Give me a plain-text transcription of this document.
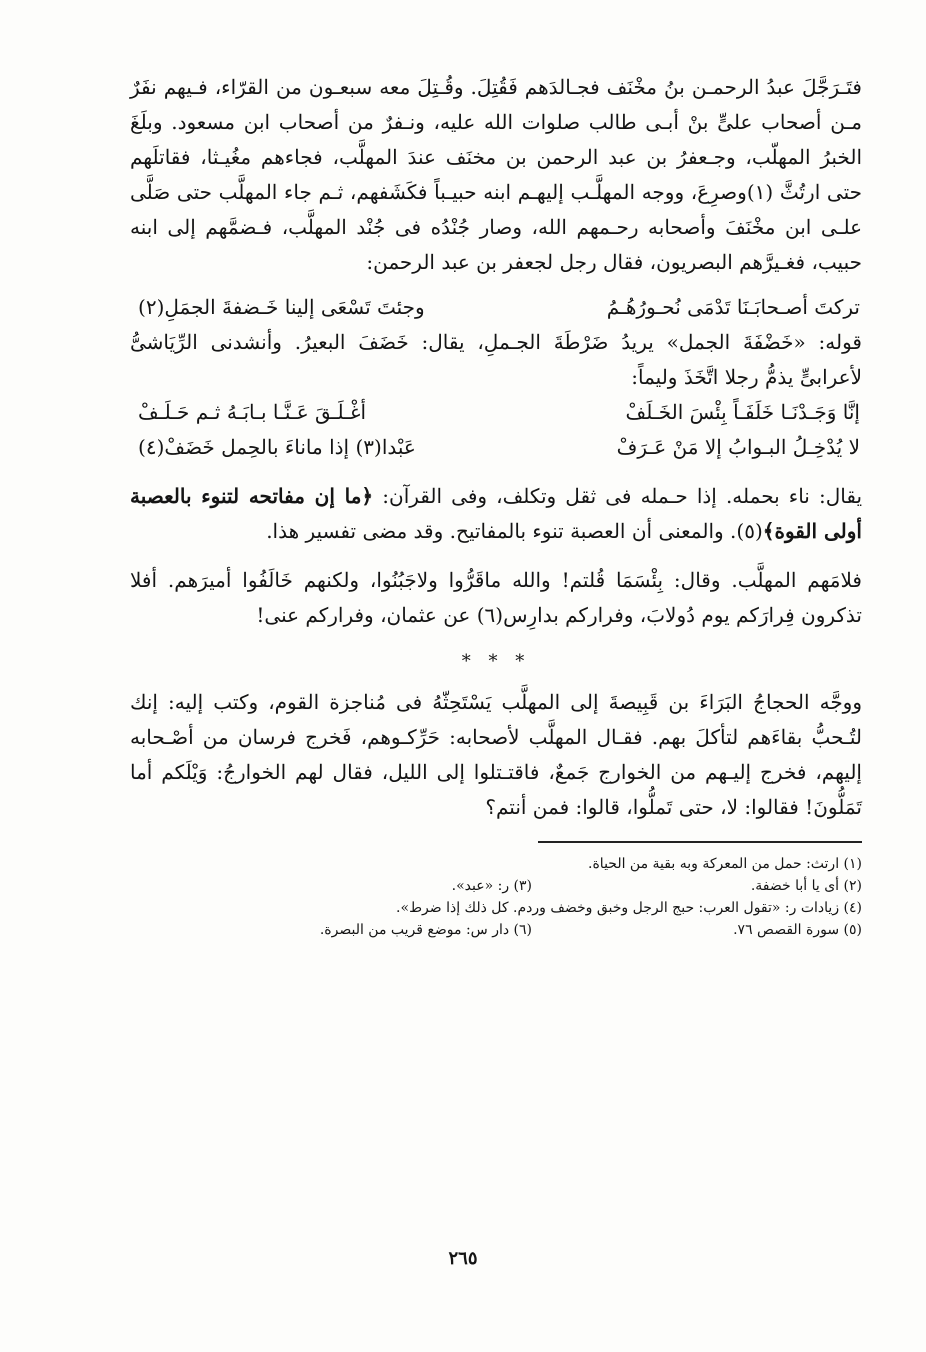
فتَـرَجَّلَ عبدُ الرحمـن بنُ مخْنَف فجـالدَهم فَقُتِلَ. وقُـتِلَ معه سبعـون من القرّاء، فـيهم نفَرٌ مـن أصحاب علىٍّ بنْ أبـى طالب صلوات الله عليه، ونـفرٌ من أصحاب ابن مسعود. وبلَغَ الخبرُ المهلّب، وجـعفرُ بن عبد الرحمن بن مخنَف عندَ المهلَّب، فجاءهم مغُيـثا، فقاتلَهم حتى ارتُثَّ (١)وصرِعَ، ووجه المهلَّـب إليهـم ابنه حبيـباً فكَشَفهم، ثـم جاء المهلَّب حتى صَلَّى علـى ابن مخْنَفَ وأصحابه رحـمهم الله، وصار جُنْدُه فى جُنْد المهلَّب، فـضمَّهم إلى ابنه حبيب، فغـيرَّهم البصريون، فقال رجل لجعفر بن عبد الرحمن:

تركتَ أصـحابَـنَا تَدْمَى نُحـورُهُـمُ
وجئتَ تَسْعَى إلينا خَـضفةَ الجمَلِ(٢)

قوله: «خَضْفَةَ الجمل» يريدُ ضَرْطَةَ الجـملِ، يقال: خَضَفَ البعيرُ. وأنشدنى الرِّيَاشىُّ لأعرابىٍّ يذمُّ رجلا اتَّخَذَ وليماً:

إنَّا وَجَـدْنَـا خَلَفَـاً بِئْسَ الخَـلَفْ
أغْـلَـقَ عَـنَّـا بـابَـهُ ثـم حَـلَـفْ
لا يُدْخِـلُ البـوابُ إلا مَنْ عَـرَفْ
عَبْدا(٣) إذا ماناءَ بالحِمل خَضَفْ(٤)

يقال: ناء بحمله. إذا حـمله فى ثقل وتكلف، وفى القرآن: ﴿ما إن مفاتحه لتنوء بالعصبة أولى القوة﴾(٥). والمعنى أن العصبة تنوء بالمفاتيح. وقد مضى تفسير هذا.

فلامَهم المهلَّب. وقال: بِئْسَمَا قُلتم! والله ماقَرُّوا ولاجَبُنُوا، ولكنهم خَالَفُوا أميرَهم. أفلا تذكرون فِرارَكم يوم دُولابَ، وفراركم بدارِس(٦) عن عثمان، وفراركم عنى!

* * *

ووجَّه الحجاجُ البَرَاءَ بن قَبِيصةَ إلى المهلَّب يَسْتَحِثّهُ فى مُناجزة القوم، وكتب إليه: إنك لتُـحبُّ بقاءَهم لتأكلَ بهم. فقـال المهلَّب لأصحابه: حَرِّكـوهم، فَخرج فرسان من أصْـحابه إليهم، فخرج إليـهم من الخوارج جَمعٌ، فاقتـتلوا إلى الليل، فقال لهم الخوارجُ: وَيْلَكم أما تَمَلُّونَ! فقالوا: لا، حتى تَملُّوا، قالوا: فمن أنتم؟

(١) ارتث: حمل من المعركة وبه بقية من الحياة.
(٢) أى يا أبا خضفة.
(٣) ر: «عبد».
(٤) زيادات ر: «تقول العرب: حبج الرجل وخبق وخضف وردم. كل ذلك إذا ضرط».
(٥) سورة القصص ٧٦.
(٦) دار س: موضع قريب من البصرة.
٢٦٥
